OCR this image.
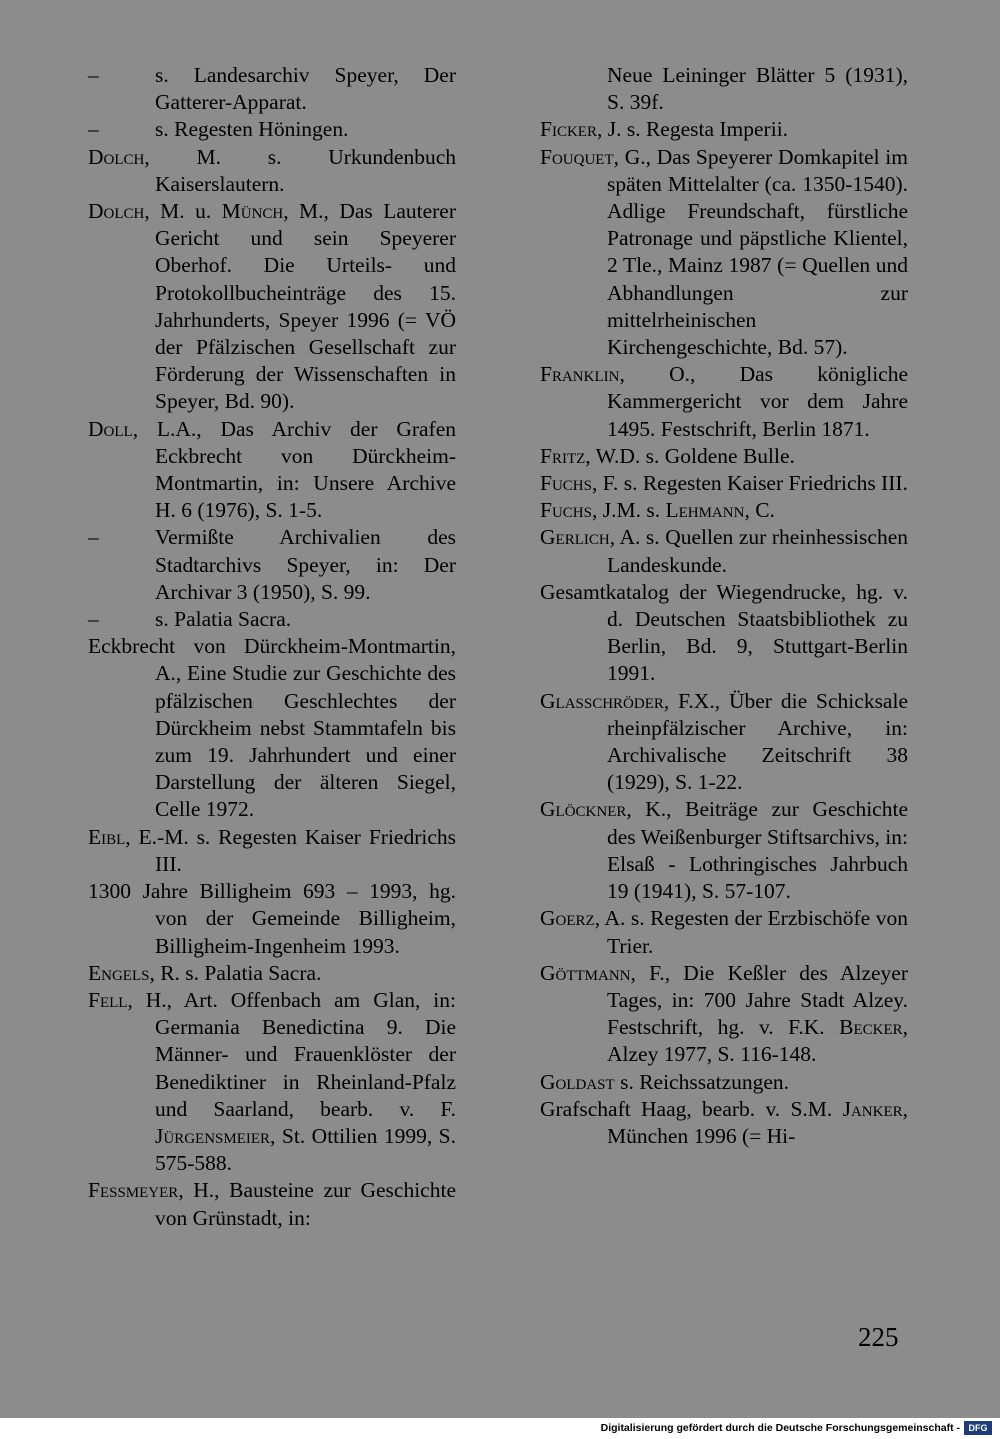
–	s. Landesarchiv Speyer, Der Gatterer-Apparat.
–	s. Regesten Höningen.
Dolch, M. s. Urkundenbuch Kaiserslautern.
Dolch, M. u. Münch, M., Das Lauterer Gericht und sein Speyerer Oberhof. Die Urteils- und Protokollbucheinträge des 15. Jahrhunderts, Speyer 1996 (= VÖ der Pfälzischen Gesellschaft zur Förderung der Wissenschaften in Speyer, Bd. 90).
Doll, L.A., Das Archiv der Grafen Eckbrecht von Dürckheim-Montmartin, in: Unsere Archive H. 6 (1976), S. 1-5.
–	Vermißte Archivalien des Stadtarchivs Speyer, in: Der Archivar 3 (1950), S. 99.
–	s. Palatia Sacra.
Eckbrecht von Dürckheim-Montmartin, A., Eine Studie zur Geschichte des pfälzischen Geschlechtes der Dürckheim nebst Stammtafeln bis zum 19. Jahrhundert und einer Darstellung der älteren Siegel, Celle 1972.
Eibl, E.-M. s. Regesten Kaiser Friedrichs III.
1300 Jahre Billigheim 693 – 1993, hg. von der Gemeinde Billigheim, Billigheim-Ingenheim 1993.
Engels, R. s. Palatia Sacra.
Fell, H., Art. Offenbach am Glan, in: Germania Benedictina 9. Die Männer- und Frauenklöster der Benediktiner in Rheinland-Pfalz und Saarland, bearb. v. F. Jürgensmeier, St. Ottilien 1999, S. 575-588.
Feßmeyer, H., Bausteine zur Geschichte von Grünstadt, in:
Neue Leininger Blätter 5 (1931), S. 39f.
Ficker, J. s. Regesta Imperii.
Fouquet, G., Das Speyerer Domkapitel im späten Mittelalter (ca. 1350-1540). Adlige Freundschaft, fürstliche Patronage und päpstliche Klientel, 2 Tle., Mainz 1987 (= Quellen und Abhandlungen zur mittelrheinischen Kirchengeschichte, Bd. 57).
Franklin, O., Das königliche Kammergericht vor dem Jahre 1495. Festschrift, Berlin 1871.
Fritz, W.D. s. Goldene Bulle.
Fuchs, F. s. Regesten Kaiser Friedrichs III.
Fuchs, J.M. s. Lehmann, C.
Gerlich, A. s. Quellen zur rheinhessischen Landeskunde.
Gesamtkatalog der Wiegendrucke, hg. v. d. Deutschen Staatsbibliothek zu Berlin, Bd. 9, Stuttgart-Berlin 1991.
Glasschröder, F.X., Über die Schicksale rheinpfälzischer Archive, in: Archivalische Zeitschrift 38 (1929), S. 1-22.
Glöckner, K., Beiträge zur Geschichte des Weißenburger Stiftsarchivs, in: Elsaß - Lothringisches Jahrbuch 19 (1941), S. 57-107.
Goerz, A. s. Regesten der Erzbischöfe von Trier.
Göttmann, F., Die Keßler des Alzeyer Tages, in: 700 Jahre Stadt Alzey. Festschrift, hg. v. F.K. Becker, Alzey 1977, S. 116-148.
Goldast s. Reichssatzungen.
Grafschaft Haag, bearb. v. S.M. Janker, München 1996 (= Hi-
225
Digitalisierung gefördert durch die Deutsche Forschungsgemeinschaft - DFG
